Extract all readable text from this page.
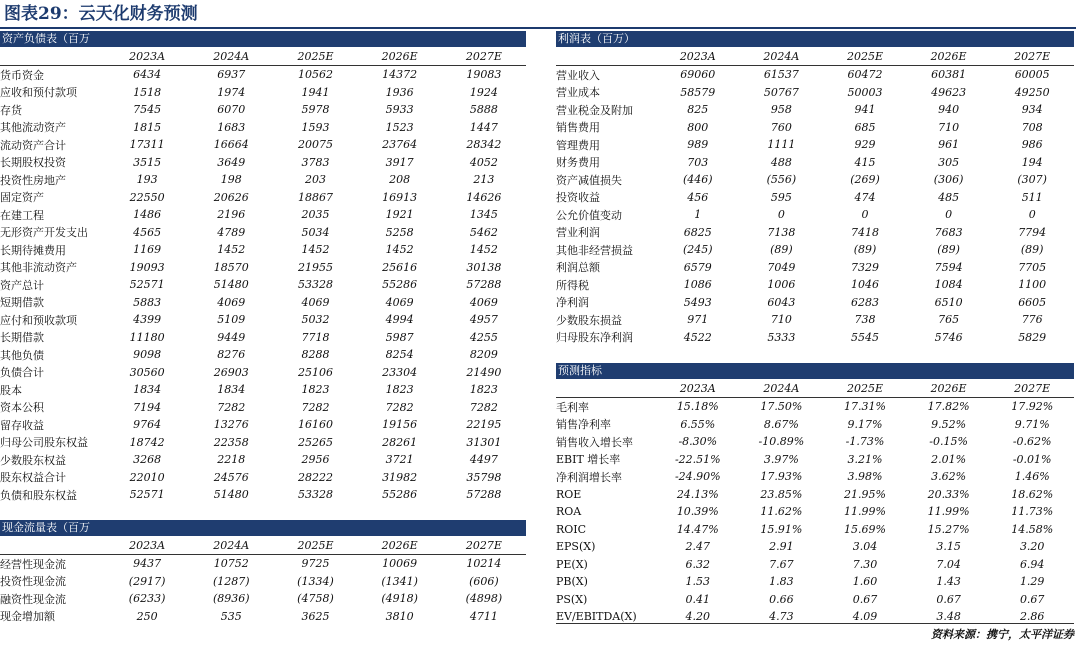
图表29：云天化财务预测
资产负债表（百万
	2023A	2024A	2025E	2026E	2027E
货币资金	6434	6937	10562	14372	19083
应收和预付款项	1518	1974	1941	1936	1924
存货	7545	6070	5978	5933	5888
其他流动资产	1815	1683	1593	1523	1447
流动资产合计	17311	16664	20075	23764	28342
长期股权投资	3515	3649	3783	3917	4052
投资性房地产	193	198	203	208	213
固定资产	22550	20626	18867	16913	14626
在建工程	1486	2196	2035	1921	1345
无形资产开发支出	4565	4789	5034	5258	5462
长期待摊费用	1169	1452	1452	1452	1452
其他非流动资产	19093	18570	21955	25616	30138
资产总计	52571	51480	53328	55286	57288
短期借款	5883	4069	4069	4069	4069
应付和预收款项	4399	5109	5032	4994	4957
长期借款	11180	9449	7718	5987	4255
其他负债	9098	8276	8288	8254	8209
负债合计	30560	26903	25106	23304	21490
股本	1834	1834	1823	1823	1823
资本公积	7194	7282	7282	7282	7282
留存收益	9764	13276	16160	19156	22195
归母公司股东权益	18742	22358	25265	28261	31301
少数股东权益	3268	2218	2956	3721	4497
股东权益合计	22010	24576	28222	31982	35798
负债和股东权益	52571	51480	53328	55286	57288
现金流量表（百万
	2023A	2024A	2025E	2026E	2027E
经营性现金流	9437	10752	9725	10069	10214
投资性现金流	(2917)	(1287)	(1334)	(1341)	(606)
融资性现金流	(6233)	(8936)	(4758)	(4918)	(4898)
现金增加额	250	535	3625	3810	4711
利润表（百万）
	2023A	2024A	2025E	2026E	2027E
营业收入	69060	61537	60472	60381	60005
营业成本	58579	50767	50003	49623	49250
营业税金及附加	825	958	941	940	934
销售费用	800	760	685	710	708
管理费用	989	1111	929	961	986
财务费用	703	488	415	305	194
资产减值损失	(446)	(556)	(269)	(306)	(307)
投资收益	456	595	474	485	511
公允价值变动	1	0	0	0	0
营业利润	6825	7138	7418	7683	7794
其他非经营损益	(245)	(89)	(89)	(89)	(89)
利润总额	6579	7049	7329	7594	7705
所得税	1086	1006	1046	1084	1100
净利润	5493	6043	6283	6510	6605
少数股东损益	971	710	738	765	776
归母股东净利润	4522	5333	5545	5746	5829
预测指标
	2023A	2024A	2025E	2026E	2027E
毛利率	15.18%	17.50%	17.31%	17.82%	17.92%
销售净利率	6.55%	8.67%	9.17%	9.52%	9.71%
销售收入增长率	-8.30%	-10.89%	-1.73%	-0.15%	-0.62%
EBIT 增长率	-22.51%	3.97%	3.21%	2.01%	-0.01%
净利润增长率	-24.90%	17.93%	3.98%	3.62%	1.46%
ROE	24.13%	23.85%	21.95%	20.33%	18.62%
ROA	10.39%	11.62%	11.99%	11.99%	11.73%
ROIC	14.47%	15.91%	15.69%	15.27%	14.58%
EPS(X)	2.47	2.91	3.04	3.15	3.20
PE(X)	6.32	7.67	7.30	7.04	6.94
PB(X)	1.53	1.83	1.60	1.43	1.29
PS(X)	0.41	0.66	0.67	0.67	0.67
EV/EBITDA(X)	4.20	4.73	4.09	3.48	2.86
资料来源：携宁，太平洋证券
